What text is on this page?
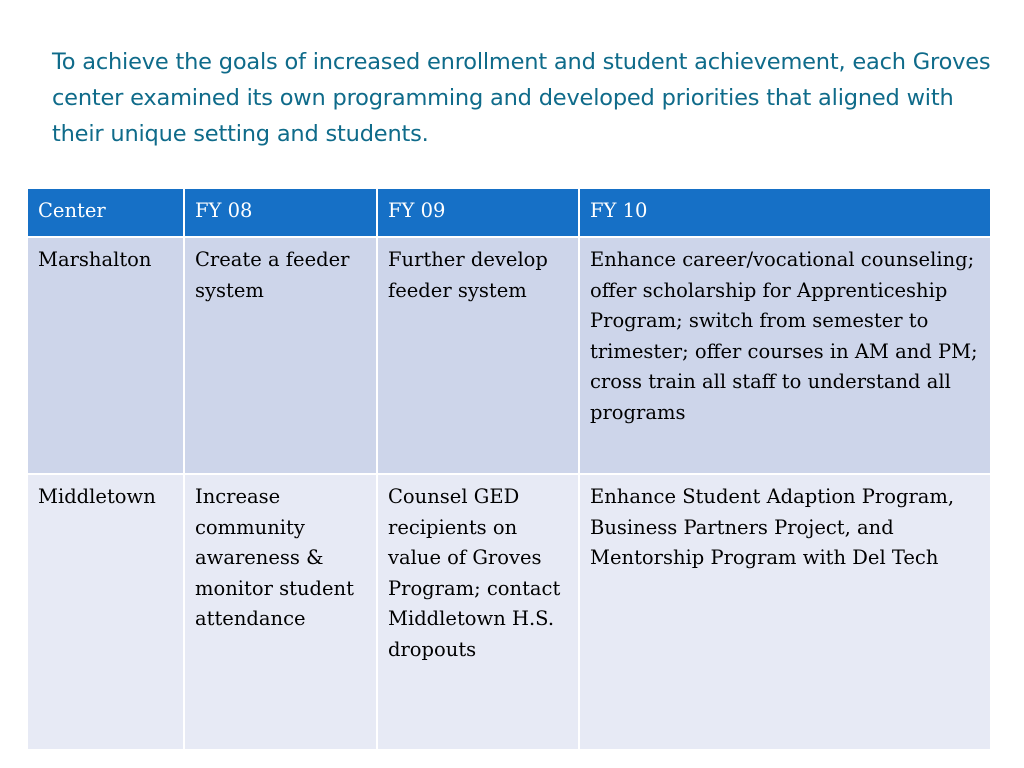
To achieve the goals of increased enrollment and student achievement, each Groves center examined its own programming and developed priorities that aligned with their unique setting and students.

Center	FY 08	FY 09	FY 10
Marshalton	Create a feeder system	Further develop feeder system	Enhance career/vocational counseling; offer scholarship for Apprenticeship Program; switch from semester to trimester; offer courses in AM and PM; cross train all staff to understand all programs
Middletown	Increase community awareness & monitor student attendance	Counsel GED recipients on value of Groves Program; contact Middletown H.S. dropouts	Enhance Student Adaption Program, Business Partners Project, and Mentorship Program with Del Tech
